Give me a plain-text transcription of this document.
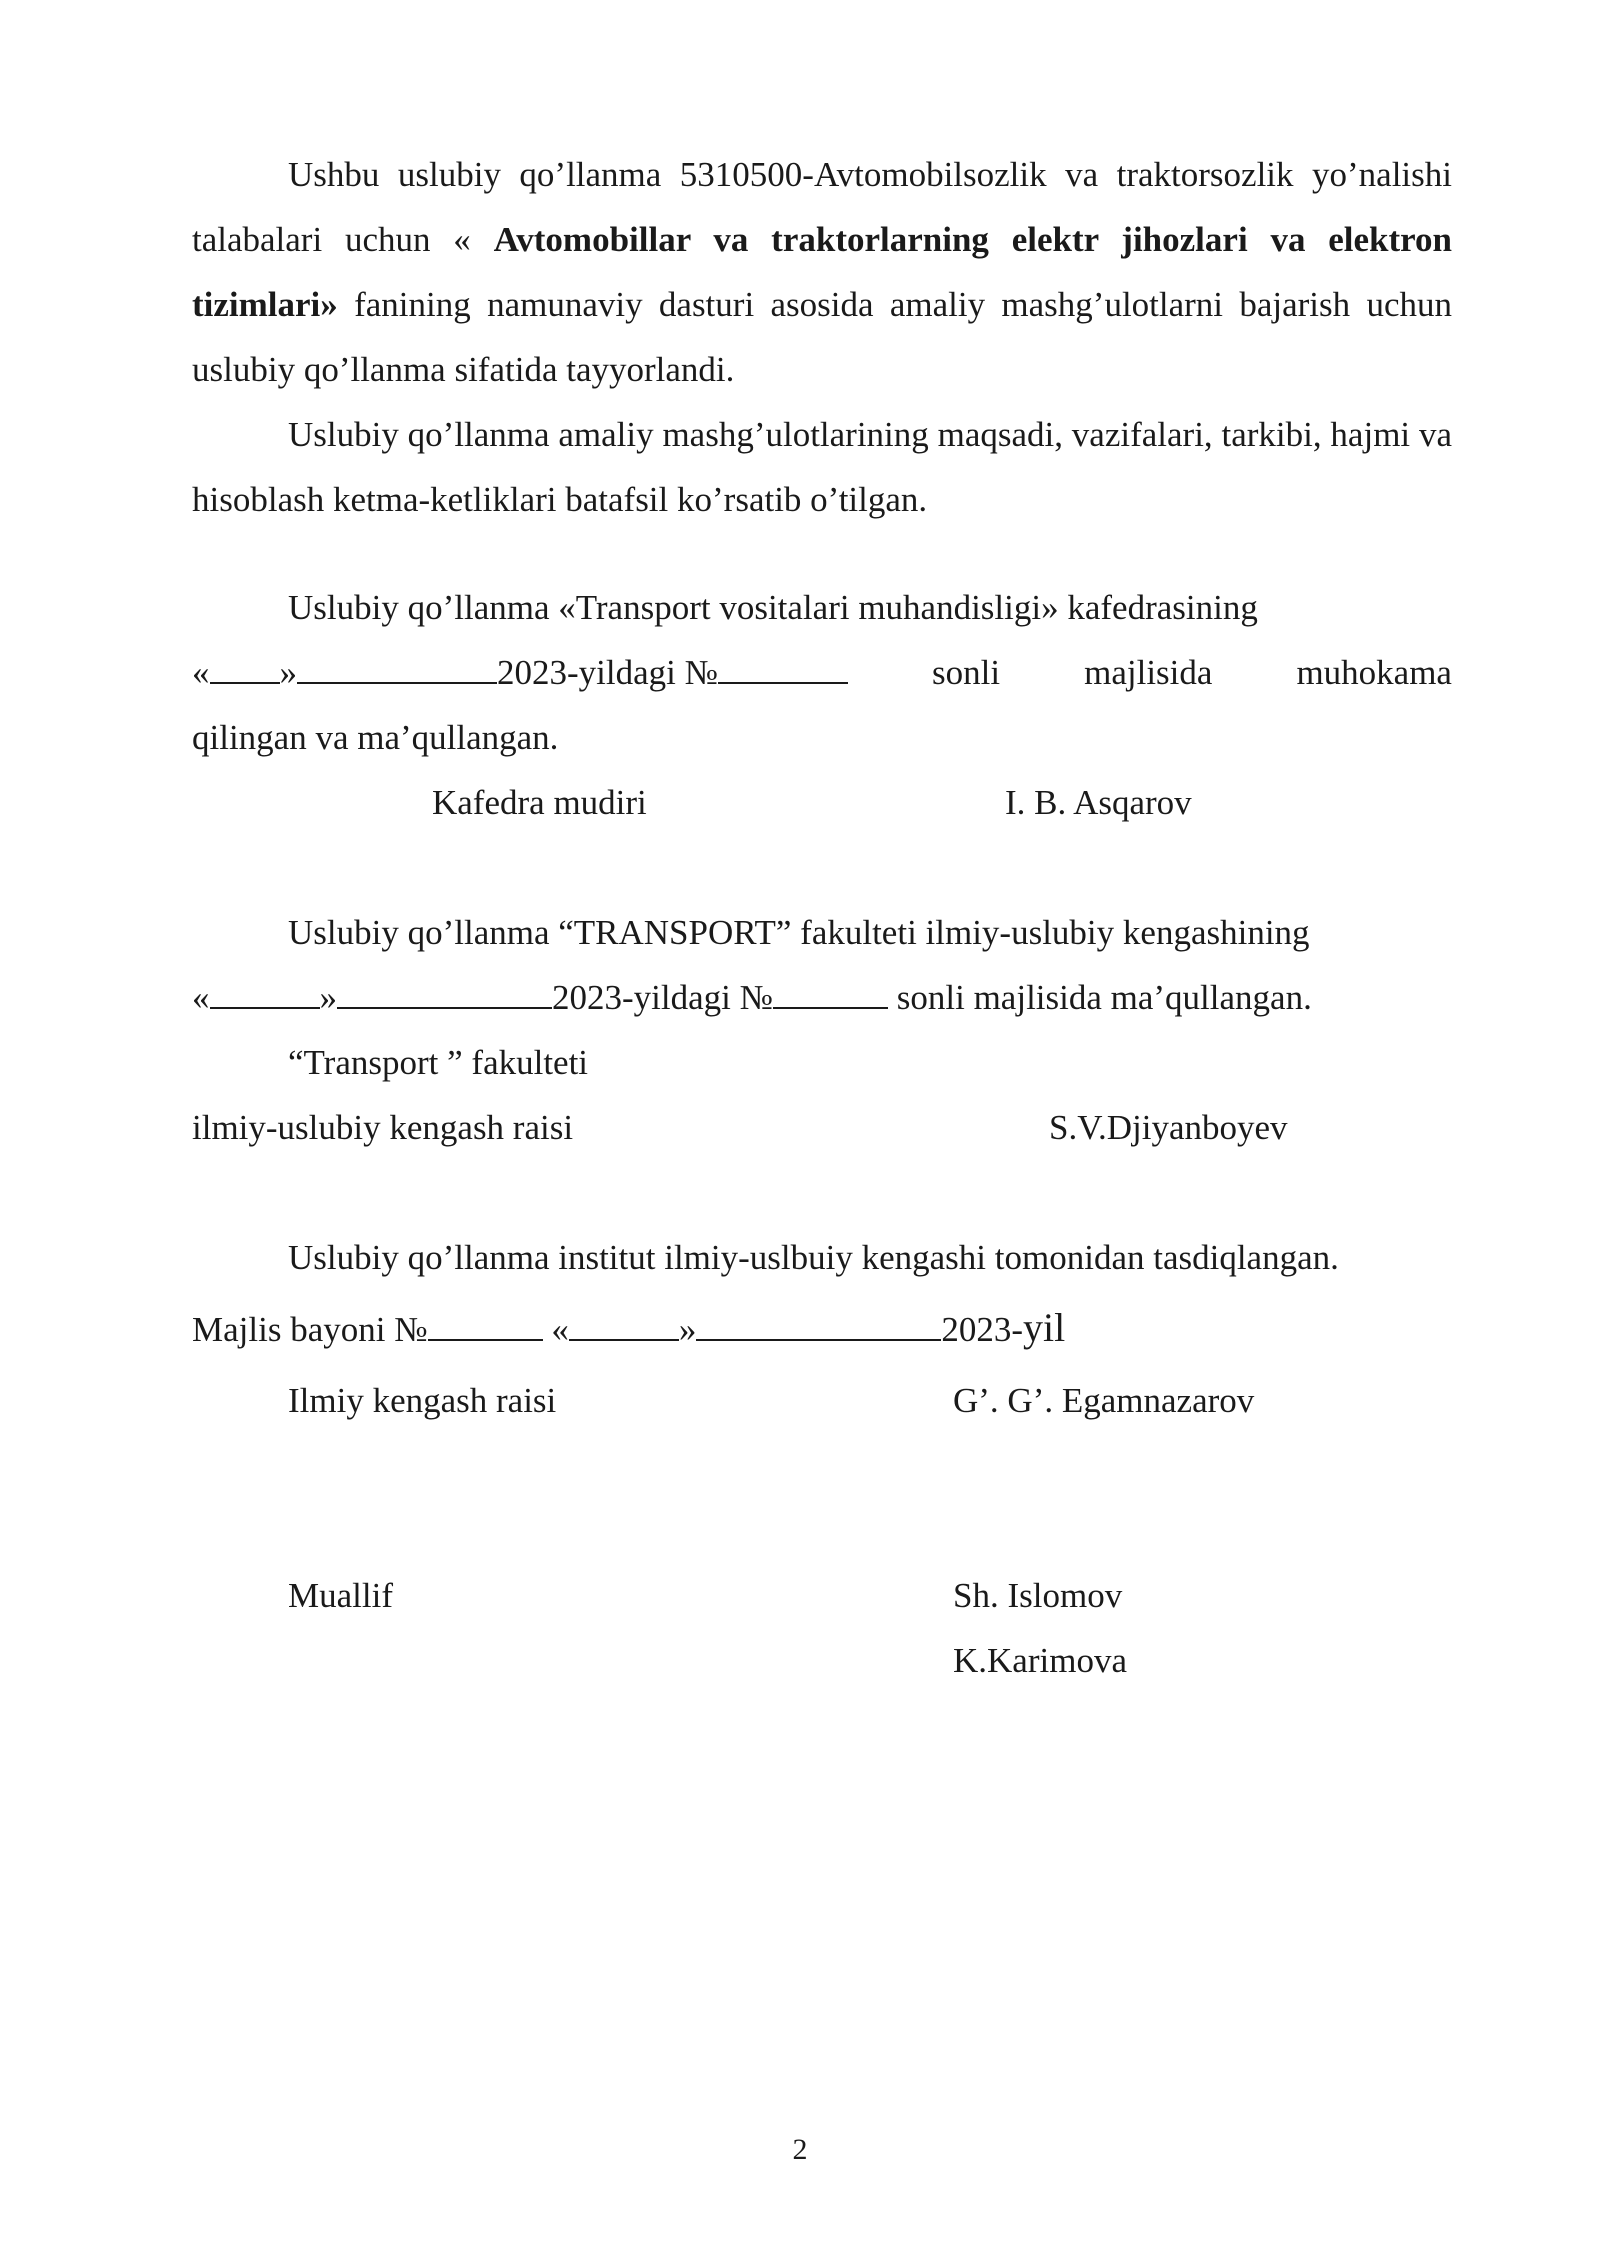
Ushbu uslubiy qo’llanma 5310500-Avtomobilsozlik va traktorsozlik yo’nalishi talabalari uchun « Avtomobillar va traktorlarning elektr jihozlari va elektron tizimlari» fanining namunaviy dasturi asosida amaliy mashg’ulotlarni bajarish uchun uslubiy qo’llanma sifatida tayyorlandi.

Uslubiy qo’llanma amaliy mashg’ulotlarining maqsadi, vazifalari, tarkibi, hajmi va hisoblash ketma-ketliklari batafsil ko’rsatib o’tilgan.

Uslubiy qo’llanma «Transport vositalari muhandisligi» kafedrasining

« »	2023-yildagi №	sonli majlisida muhokama

qilingan va ma’qullangan.

Kafedra mudiri	I. B. Asqarov

Uslubiy qo’llanma “TRANSPORT” fakulteti ilmiy-uslubiy kengashining

«	»	2023-yildagi №	sonli majlisida ma’qullangan.

“Transport ” fakulteti

ilmiy-uslubiy kengash raisi	S.V.Djiyanboyev

Uslubiy qo’llanma institut ilmiy-uslbuiy kengashi tomonidan tasdiqlangan.

Majlis bayoni №	«	»	2023-yil

Ilmiy kengash raisi	G’. G’. Egamnazarov

Muallif	Sh. Islomov

K.Karimova

2
